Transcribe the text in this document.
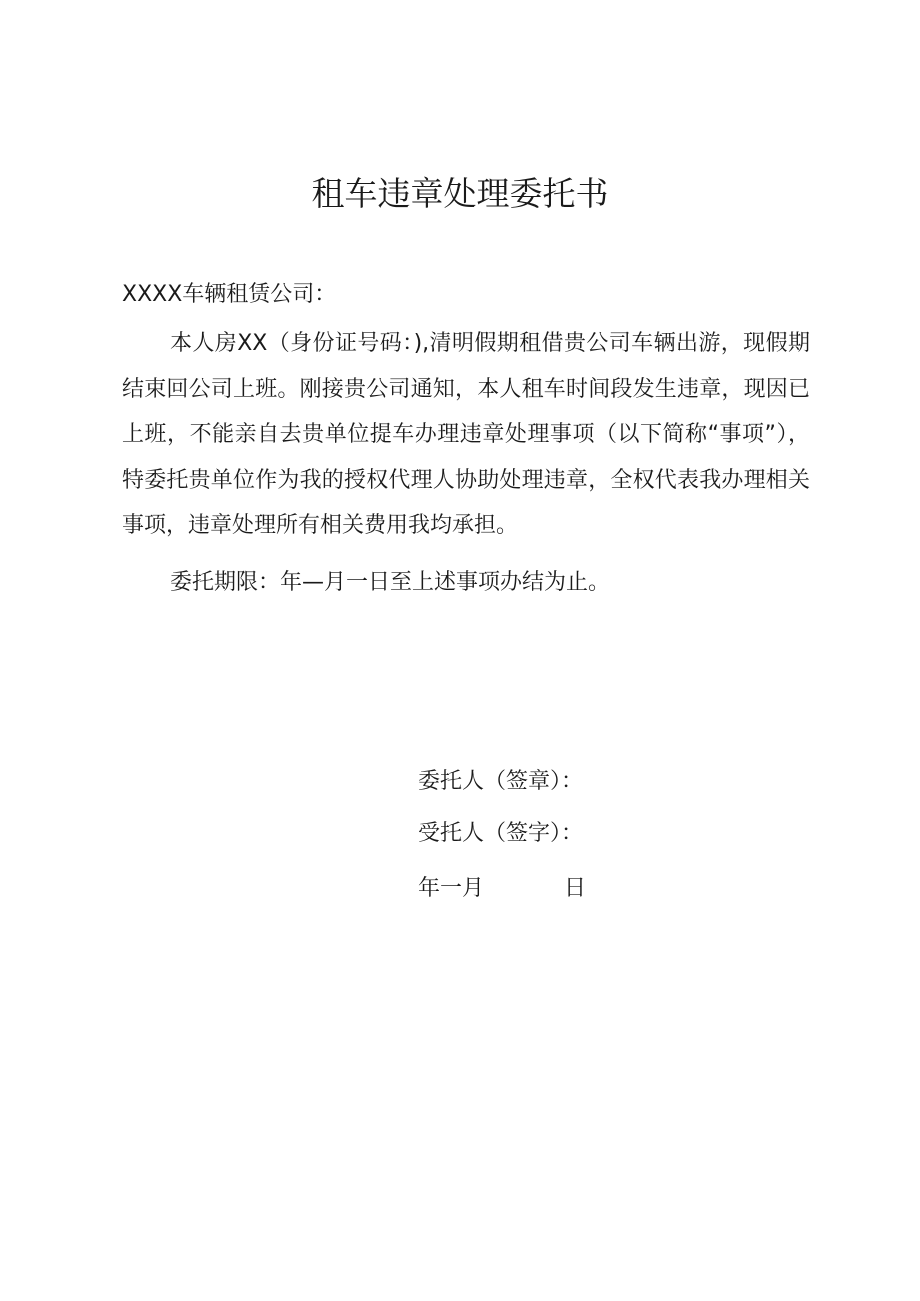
租车违章处理委托书
XXXX车辆租赁公司：

本人房XX（身份证号码：),清明假期租借贵公司车辆出游，现假期结束回公司上班。刚接贵公司通知，本人租车时间段发生违章，现因已上班，不能亲自去贵单位提车办理违章处理事项（以下简称“事项”），特委托贵单位作为我的授权代理人协助处理违章，全权代表我办理相关事项，违章处理所有相关费用我均承担。

委托期限：年—月一日至上述事项办结为止。

委托人（签章）：
受托人（签字）：
年一月	日
